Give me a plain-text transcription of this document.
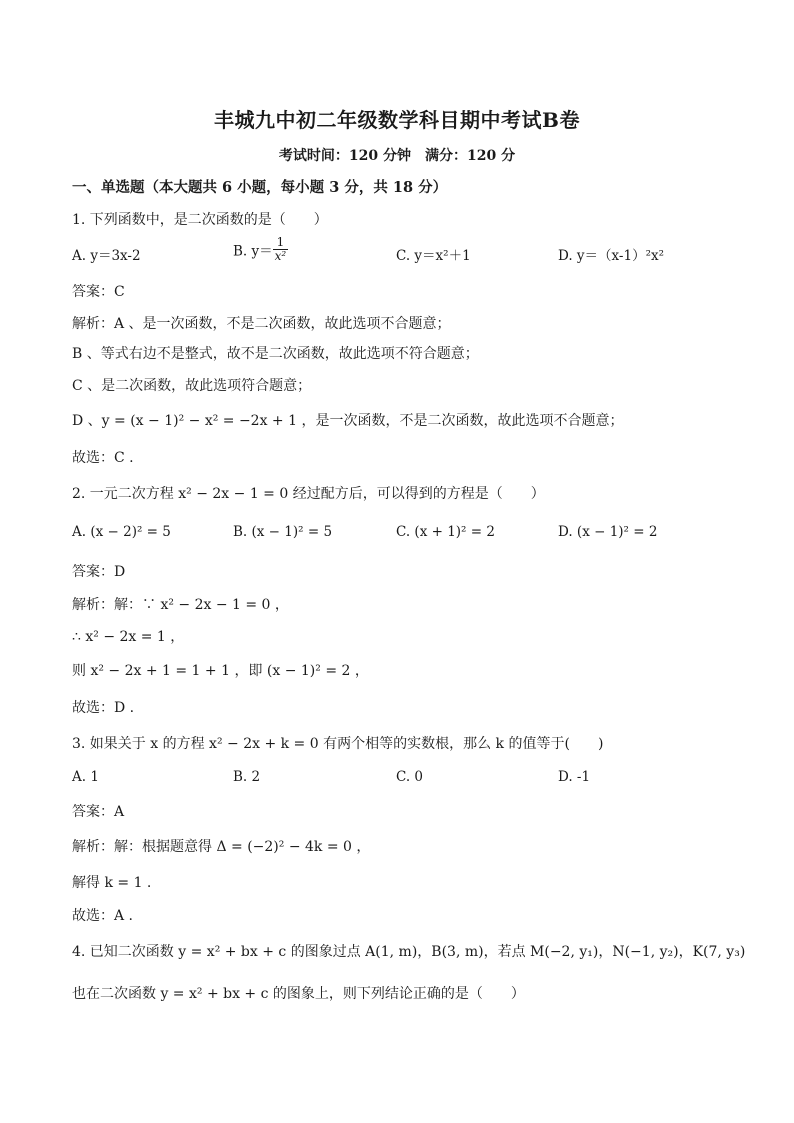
丰城九中初二年级数学科目期中考试B卷
考试时间：120 分钟　满分：120 分
一、单选题（本大题共 6 小题，每小题 3 分，共 18 分）
1. 下列函数中，是二次函数的是（　　）
A. y＝3x-2	B. $y= \frac{1}{\text{x²}}$	C. y＝x²＋1	D. y＝（x-1）²x²
答案：C
解析：A 、是一次函数，不是二次函数，故此选项不合题意；
B 、等式右边不是整式，故不是二次函数，故此选项不符合题意；
C 、是二次函数，故此选项符合题意；
D 、y = (x − 1)² − x² = −2x + 1 ，是一次函数，不是二次函数，故此选项不合题意；
故选：C .
2. 一元二次方程 x² − 2x − 1 = 0 经过配方后，可以得到的方程是（　　）
A. (x − 2)² = 5	B. (x − 1)² = 5	C. (x + 1)² = 2	D. (x − 1)² = 2
答案：D
解析：解：∵ x² − 2x − 1 = 0 ，
∴ x² − 2x = 1 ，
则 x² − 2x + 1 = 1 + 1 ，即 (x − 1)² = 2 ，
故选：D .
3. 如果关于 x 的方程 x² − 2x + k = 0 有两个相等的实数根，那么 k 的值等于(　　)
A. 1	B. 2	C. 0	D. -1
答案：A
解析：解：根据题意得 Δ = (−2)² − 4k = 0 ，
解得 k = 1 .
故选：A .
4. 已知二次函数 y = x² + bx + c 的图象过点 A(1, m)，B(3, m)，若点 M(−2, y₁)，N(−1, y₂)，K(7, y₃)
也在二次函数 y = x² + bx + c 的图象上，则下列结论正确的是（　　）
